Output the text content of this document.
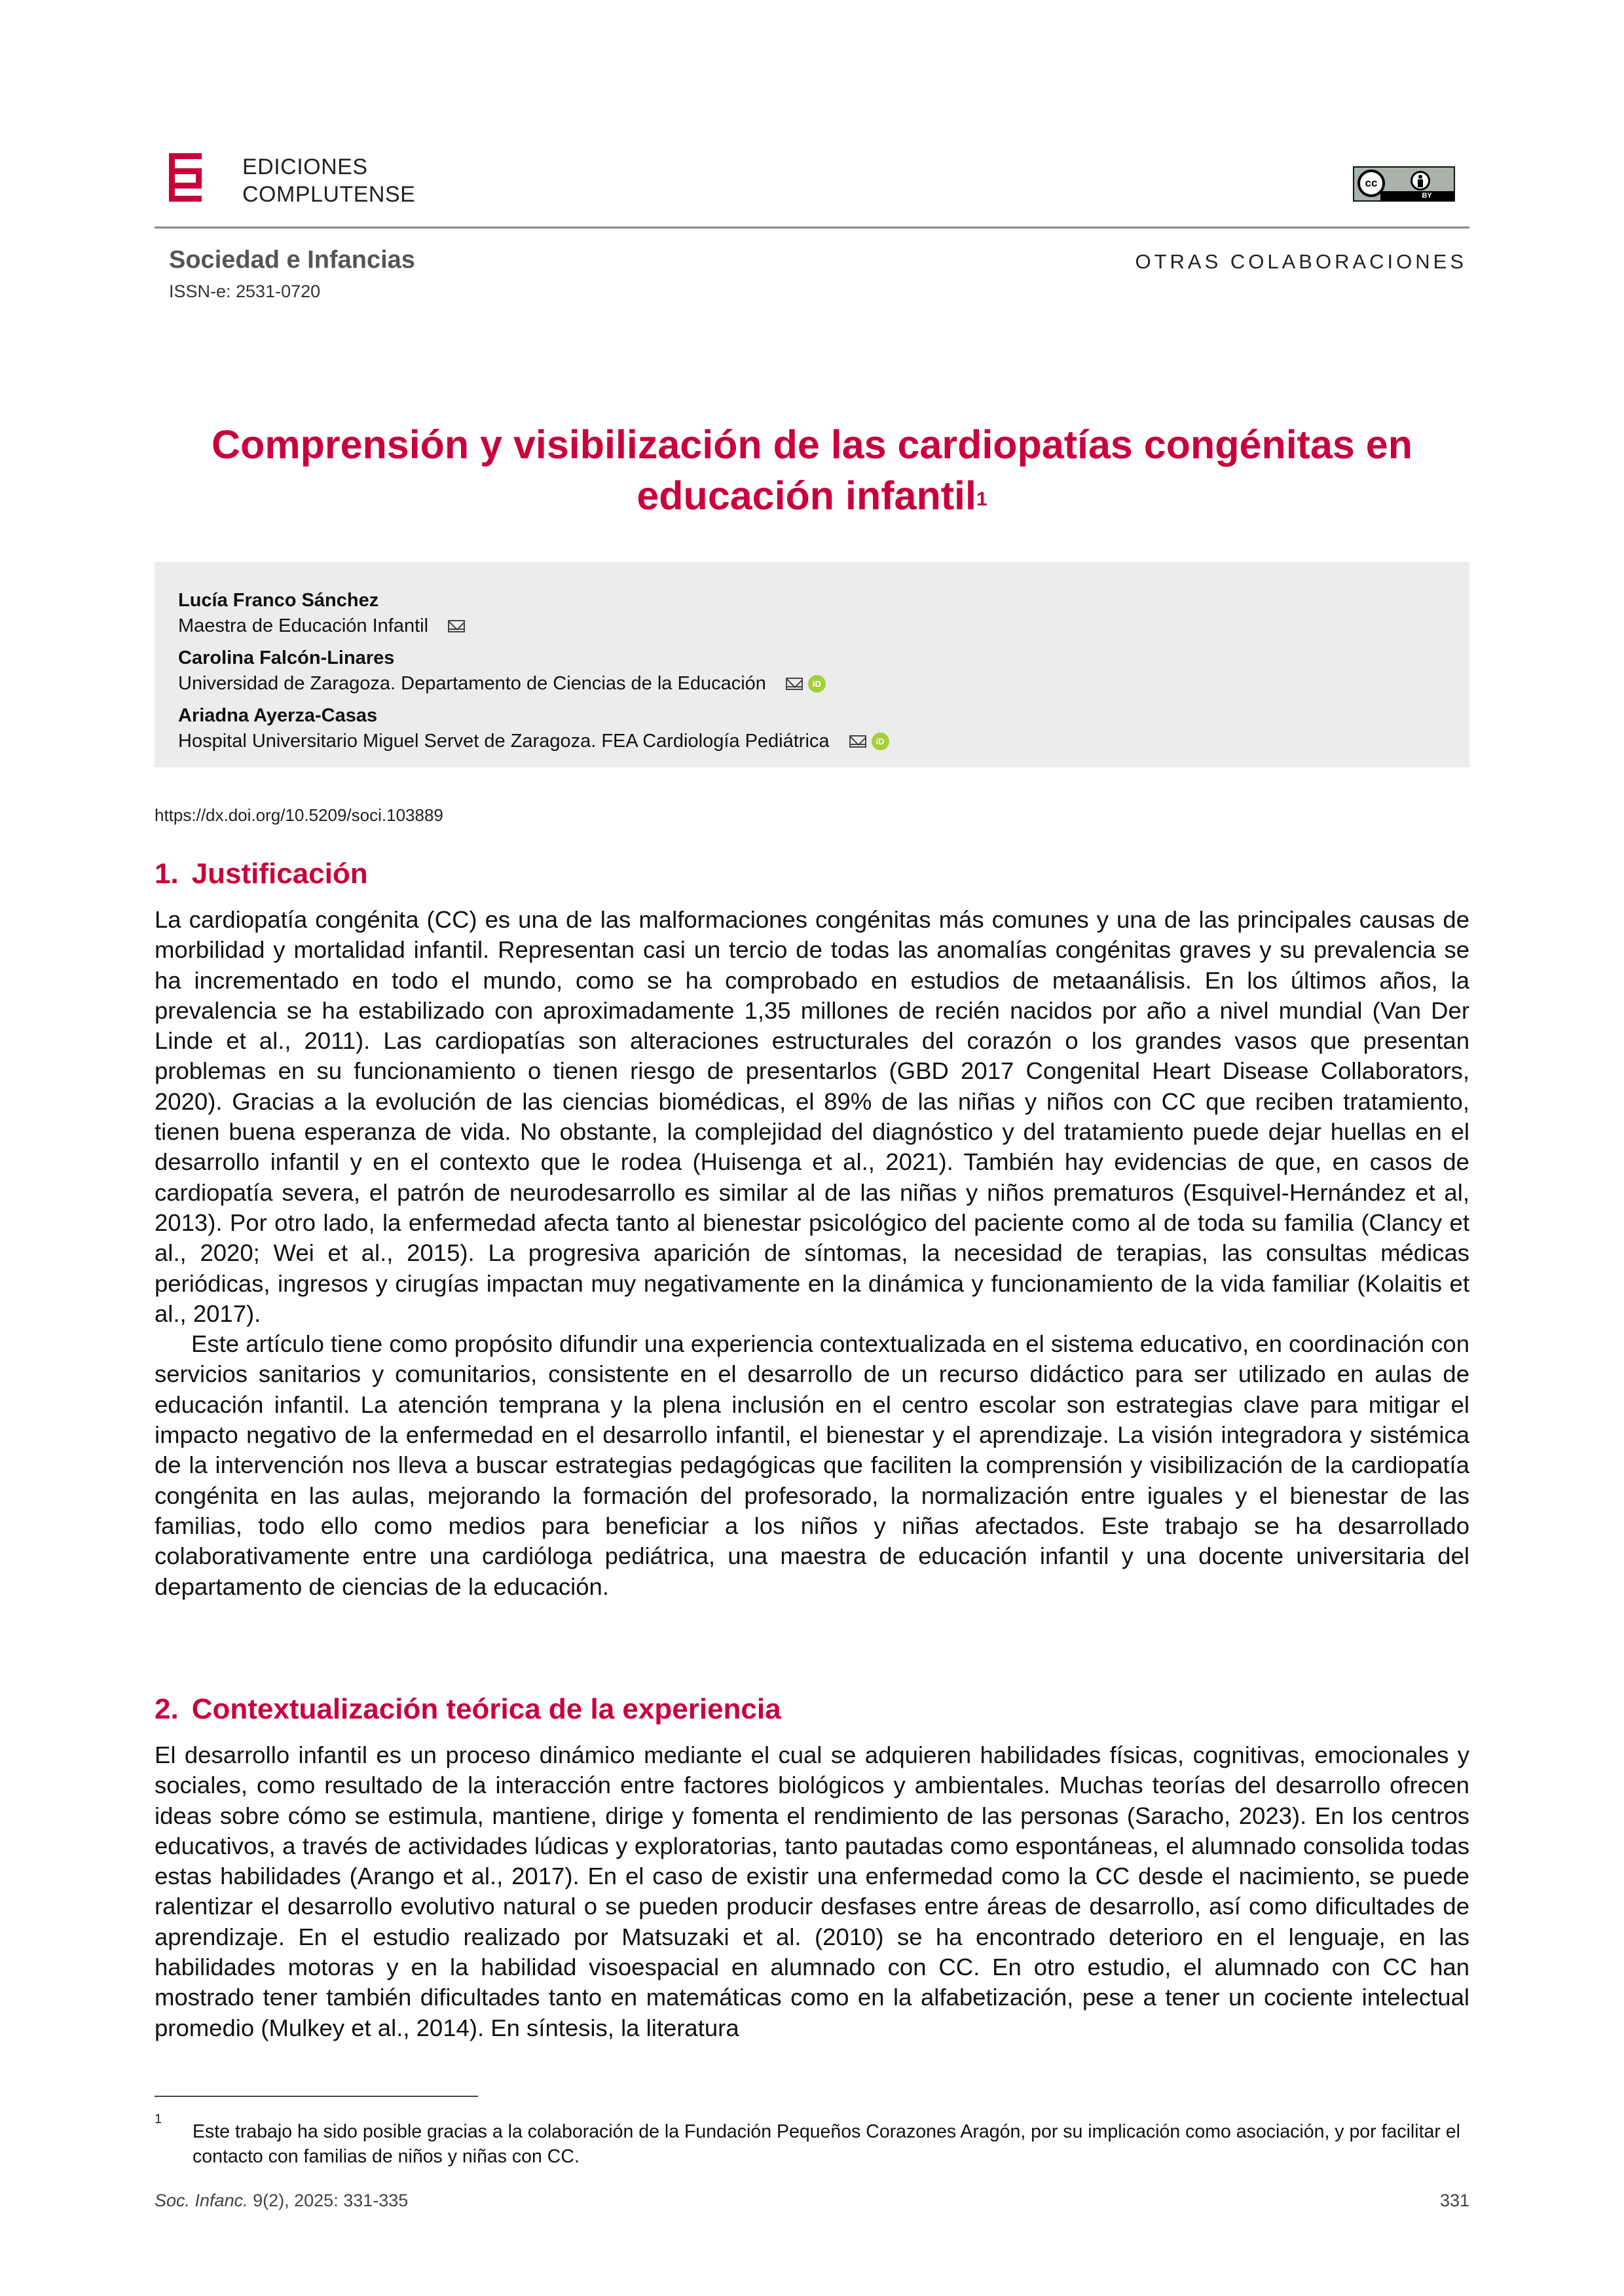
EDICIONES
COMPLUTENSE	cc
BY
Sociedad e Infancias
ISSN-e: 2531-0720
OTRAS COLABORACIONES
Comprensión y visibilización de las cardiopatías congénitas en educación infantil$^1$
Lucía Franco Sánchez
Maestra de Educación Infantil
Carolina Falcón-Linares
Universidad de Zaragoza. Departamento de Ciencias de la Educación	iD
Ariadna Ayerza-Casas
Hospital Universitario Miguel Servet de Zaragoza. FEA Cardiología Pediátrica	iD
https://dx.doi.org/10.5209/soci.103889
1. Justificación

La cardiopatía congénita (CC) es una de las malformaciones congénitas más comunes y una de las principales causas de morbilidad y mortalidad infantil. Representan casi un tercio de todas las anomalías congénitas graves y su prevalencia se ha incrementado en todo el mundo, como se ha comprobado en estudios de metaanálisis. En los últimos años, la prevalencia se ha estabilizado con aproximadamente 1,35 millones de recién nacidos por año a nivel mundial (Van Der Linde et al., 2011). Las cardiopatías son alteraciones estructurales del corazón o los grandes vasos que presentan problemas en su funcionamiento o tienen riesgo de presentarlos (GBD 2017 Congenital Heart Disease Collaborators, 2020). Gracias a la evolución de las ciencias biomédicas, el 89% de las niñas y niños con CC que reciben tratamiento, tienen buena esperanza de vida. No obstante, la complejidad del diagnóstico y del tratamiento puede dejar huellas en el desarrollo infantil y en el contexto que le rodea (Huisenga et al., 2021). También hay evidencias de que, en casos de cardiopatía severa, el patrón de neurodesarrollo es similar al de las niñas y niños prematuros (Esquivel-Hernández et al, 2013). Por otro lado, la enfermedad afecta tanto al bienestar psicológico del paciente como al de toda su familia (Clancy et al., 2020; Wei et al., 2015). La progresiva aparición de síntomas, la necesidad de terapias, las consultas médicas periódicas, ingresos y cirugías impactan muy negativamente en la dinámica y funcionamiento de la vida familiar (Kolaitis et al., 2017).

Este artículo tiene como propósito difundir una experiencia contextualizada en el sistema educativo, en coordinación con servicios sanitarios y comunitarios, consistente en el desarrollo de un recurso didáctico para ser utilizado en aulas de educación infantil. La atención temprana y la plena inclusión en el centro escolar son estrategias clave para mitigar el impacto negativo de la enfermedad en el desarrollo infantil, el bienestar y el aprendizaje. La visión integradora y sistémica de la intervención nos lleva a buscar estrategias pedagógicas que faciliten la comprensión y visibilización de la cardiopatía congénita en las aulas, mejorando la formación del profesorado, la normalización entre iguales y el bienestar de las familias, todo ello como medios para beneficiar a los niños y niñas afectados. Este trabajo se ha desarrollado colaborativamente entre una cardióloga pediátrica, una maestra de educación infantil y una docente universitaria del departamento de ciencias de la educación.

2. Contextualización teórica de la experiencia

El desarrollo infantil es un proceso dinámico mediante el cual se adquieren habilidades físicas, cognitivas, emocionales y sociales, como resultado de la interacción entre factores biológicos y ambientales. Muchas teorías del desarrollo ofrecen ideas sobre cómo se estimula, mantiene, dirige y fomenta el rendimiento de las personas (Saracho, 2023). En los centros educativos, a través de actividades lúdicas y exploratorias, tanto pautadas como espontáneas, el alumnado consolida todas estas habilidades (Arango et al., 2017). En el caso de existir una enfermedad como la CC desde el nacimiento, se puede ralentizar el desarrollo evolutivo natural o se pueden producir desfases entre áreas de desarrollo, así como dificultades de aprendizaje. En el estudio realizado por Matsuzaki et al. (2010) se ha encontrado deterioro en el lenguaje, en las habilidades motoras y en la habilidad visoespacial en alumnado con CC. En otro estudio, el alumnado con CC han mostrado tener también dificultades tanto en matemáticas como en la alfabetización, pese a tener un cociente intelectual promedio (Mulkey et al., 2014). En síntesis, la literatura

1
Este trabajo ha sido posible gracias a la colaboración de la Fundación Pequeños Corazones Aragón, por su implicación como asociación, y por facilitar el contacto con familias de niños y niñas con CC.
Soc. Infanc. 9(2), 2025: 331-335	331
